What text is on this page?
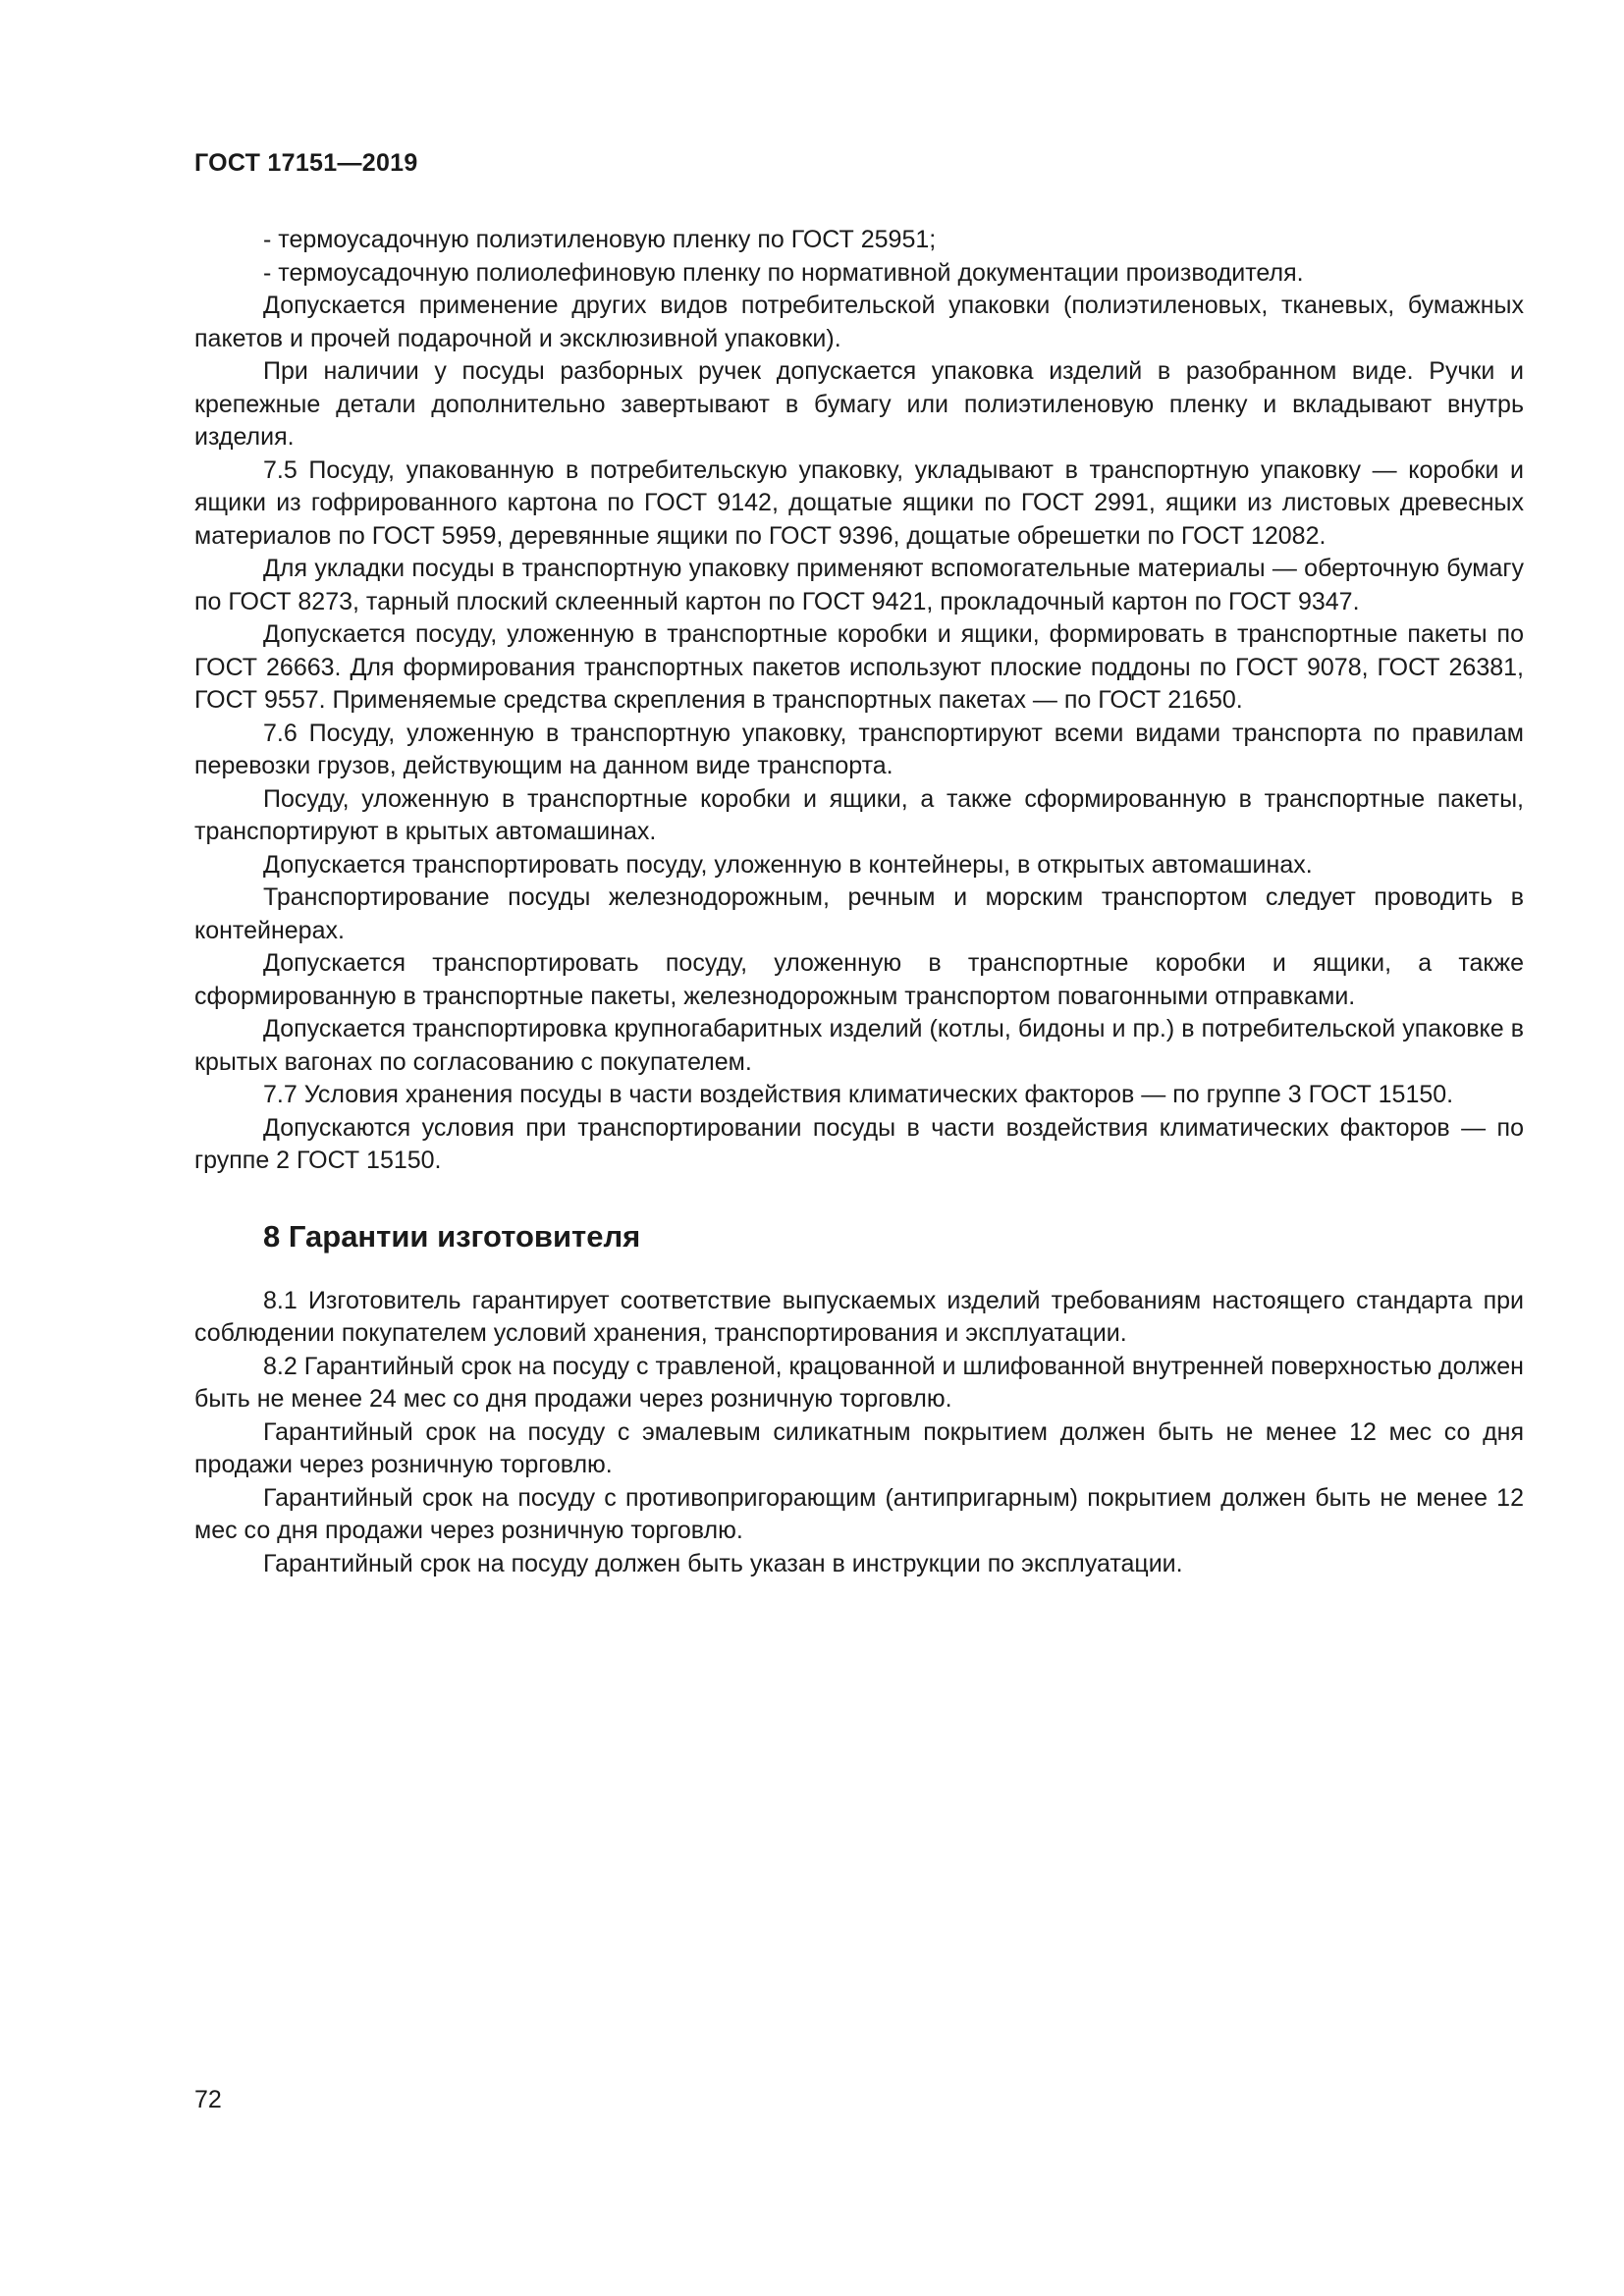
ГОСТ 17151—2019

- термоусадочную полиэтиленовую пленку по ГОСТ 25951;

- термоусадочную полиолефиновую пленку по нормативной документации производителя.

Допускается применение других видов потребительской упаковки (полиэтиленовых, тканевых, бумажных пакетов и прочей подарочной и эксклюзивной упаковки).

При наличии у посуды разборных ручек допускается упаковка изделий в разобранном виде. Ручки и крепежные детали дополнительно завертывают в бумагу или полиэтиленовую пленку и вкладывают внутрь изделия.

7.5 Посуду, упакованную в потребительскую упаковку, укладывают в транспортную упаковку — коробки и ящики из гофрированного картона по ГОСТ 9142, дощатые ящики по ГОСТ 2991, ящики из листовых древесных материалов по ГОСТ 5959, деревянные ящики по ГОСТ 9396, дощатые обрешетки по ГОСТ 12082.

Для укладки посуды в транспортную упаковку применяют вспомогательные материалы — оберточную бумагу по ГОСТ 8273, тарный плоский склеенный картон по ГОСТ 9421, прокладочный картон по ГОСТ 9347.

Допускается посуду, уложенную в транспортные коробки и ящики, формировать в транспортные пакеты по ГОСТ 26663. Для формирования транспортных пакетов используют плоские поддоны по ГОСТ 9078, ГОСТ 26381, ГОСТ 9557. Применяемые средства скрепления в транспортных пакетах — по ГОСТ 21650.

7.6 Посуду, уложенную в транспортную упаковку, транспортируют всеми видами транспорта по правилам перевозки грузов, действующим на данном виде транспорта.

Посуду, уложенную в транспортные коробки и ящики, а также сформированную в транспортные пакеты, транспортируют в крытых автомашинах.

Допускается транспортировать посуду, уложенную в контейнеры, в открытых автомашинах.

Транспортирование посуды железнодорожным, речным и морским транспортом следует проводить в контейнерах.

Допускается транспортировать посуду, уложенную в транспортные коробки и ящики, а также сформированную в транспортные пакеты, железнодорожным транспортом повагонными отправками.

Допускается транспортировка крупногабаритных изделий (котлы, бидоны и пр.) в потребительской упаковке в крытых вагонах по согласованию с покупателем.

7.7 Условия хранения посуды в части воздействия климатических факторов — по группе 3 ГОСТ 15150.

Допускаются условия при транспортировании посуды в части воздействия климатических факторов — по группе 2 ГОСТ 15150.

8 Гарантии изготовителя

8.1 Изготовитель гарантирует соответствие выпускаемых изделий требованиям настоящего стандарта при соблюдении покупателем условий хранения, транспортирования и эксплуатации.

8.2 Гарантийный срок на посуду с травленой, крацованной и шлифованной внутренней поверхностью должен быть не менее 24 мес со дня продажи через розничную торговлю.

Гарантийный срок на посуду с эмалевым силикатным покрытием должен быть не менее 12 мес со дня продажи через розничную торговлю.

Гарантийный срок на посуду с противопригорающим (антипригарным) покрытием должен быть не менее 12 мес со дня продажи через розничную торговлю.

Гарантийный срок на посуду должен быть указан в инструкции по эксплуатации.

72
